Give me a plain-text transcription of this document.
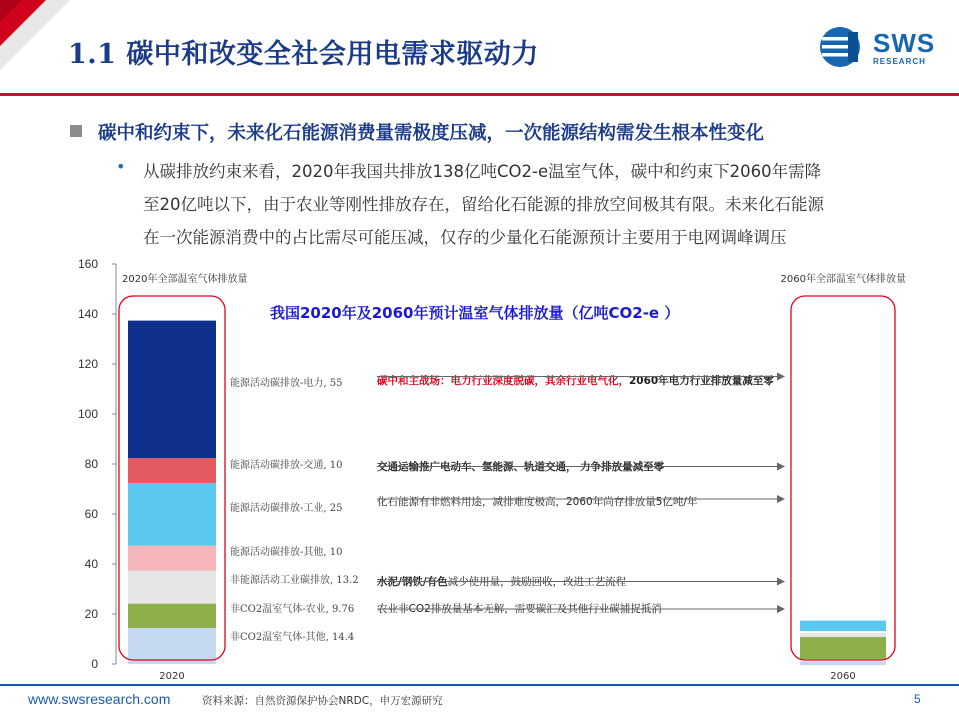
1.1 碳中和改变全社会用电需求驱动力	SWS
RESEARCH
碳中和约束下，未来化石能源消费量需极度压减，一次能源结构需发生根本性变化
• 从碳排放约束来看，2020年我国共排放138亿吨CO2-e温室气体，碳中和约束下2060年需降
至20亿吨以下，由于农业等刚性排放存在，留给化石能源的排放空间极其有限。未来化石能源
在一次能源消费中的占比需尽可能压减，仅存的少量化石能源预计主要用于电网调峰调压
0
20
40
60
80
100
120
140
160
2020	2060
2020年全部温室气体排放量	2060年全部温室气体排放量
我国2020年及2060年预计温室气体排放量（亿吨CO2-e ）
非CO2温室气体-其他, 14.4
非CO2温室气体-农业, 9.76
非能源活动工业碳排放, 13.2
能源活动碳排放-其他, 10
能源活动碳排放-工业, 25
能源活动碳排放-交通, 10
能源活动碳排放-电力, 55	碳中和主战场：电力行业深度脱碳，其余行业电气化，2060年电力行业排放量减至零
交通运输推广电动车、氢能源、轨道交通， 力争排放量减至零
化石能源有非燃料用途，减排难度极高，2060年尚存排放量5亿吨/年
水泥/钢铁/有色减少使用量，鼓励回收，改进工艺流程
农业非CO2排放量基本无解，需要碳汇及其他行业碳捕捉抵消
www.swsresearch.com	资料来源：自然资源保护协会NRDC，申万宏源研究	5
